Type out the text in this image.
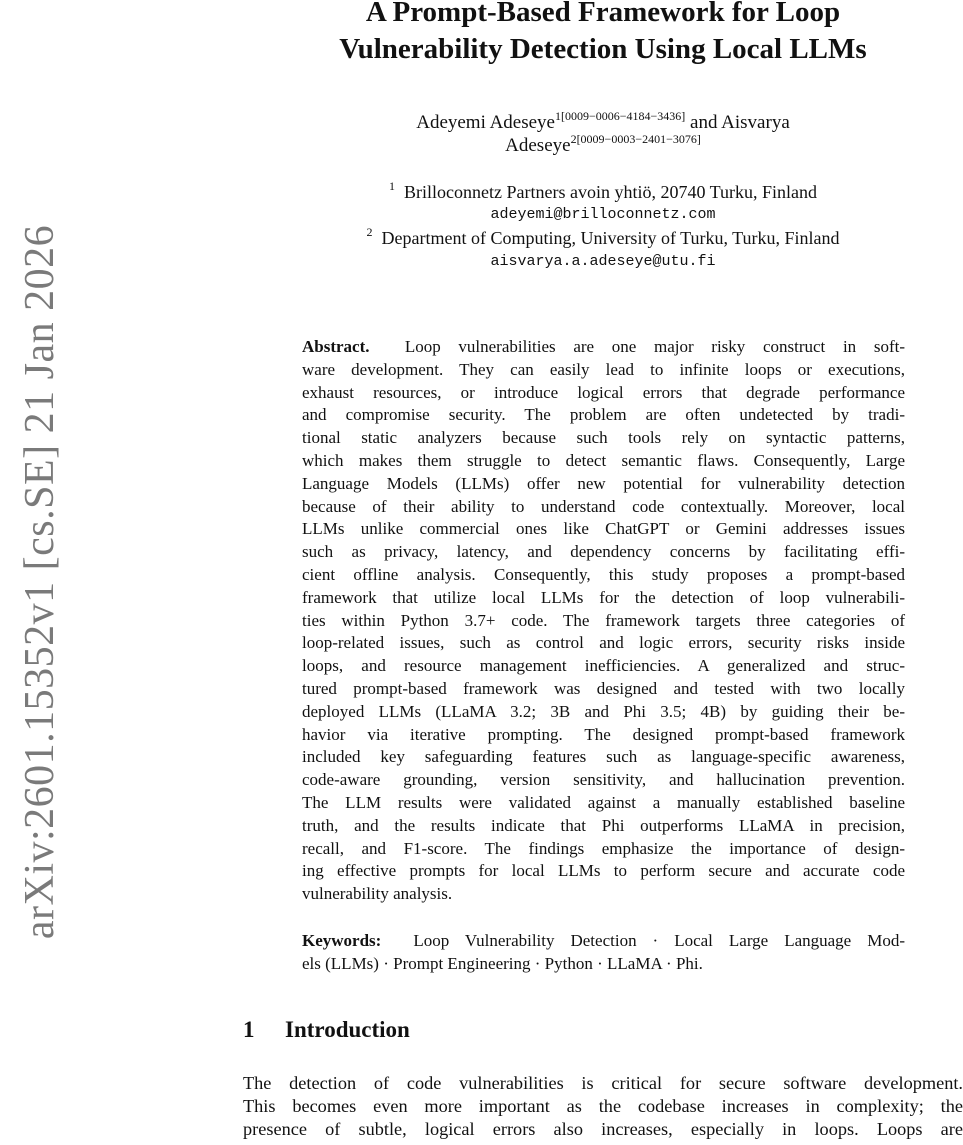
arXiv:2601.15352v1 [cs.SE] 21 Jan 2026
A Prompt-Based Framework for Loop
Vulnerability Detection Using Local LLMs
Adeyemi Adeseye$^{1[0009-0006-4184-3436]}$ and Aisvarya
Adeseye$^{2[0009-0003-2401-3076]}$
$^1$ Brilloconnetz Partners avoin yhtiö, 20740 Turku, Finland
adeyemi@brilloconnetz.com
$^2$ Department of Computing, University of Turku, Turku, Finland
aisvarya.a.adeseye@utu.fi
Abstract. Loop vulnerabilities are one major risky construct in soft-
ware development. They can easily lead to infinite loops or executions,
exhaust resources, or introduce logical errors that degrade performance
and compromise security. The problem are often undetected by tradi-
tional static analyzers because such tools rely on syntactic patterns,
which makes them struggle to detect semantic flaws. Consequently, Large
Language Models (LLMs) offer new potential for vulnerability detection
because of their ability to understand code contextually. Moreover, local
LLMs unlike commercial ones like ChatGPT or Gemini addresses issues
such as privacy, latency, and dependency concerns by facilitating effi-
cient offline analysis. Consequently, this study proposes a prompt-based
framework that utilize local LLMs for the detection of loop vulnerabili-
ties within Python 3.7+ code. The framework targets three categories of
loop-related issues, such as control and logic errors, security risks inside
loops, and resource management inefficiencies. A generalized and struc-
tured prompt-based framework was designed and tested with two locally
deployed LLMs (LLaMA 3.2; 3B and Phi 3.5; 4B) by guiding their be-
havior via iterative prompting. The designed prompt-based framework
included key safeguarding features such as language-specific awareness,
code-aware grounding, version sensitivity, and hallucination prevention.
The LLM results were validated against a manually established baseline
truth, and the results indicate that Phi outperforms LLaMA in precision,
recall, and F1-score. The findings emphasize the importance of design-
ing effective prompts for local LLMs to perform secure and accurate code
vulnerability analysis.
Keywords: Loop Vulnerability Detection · Local Large Language Mod-
els (LLMs) · Prompt Engineering · Python · LLaMA · Phi.
1 Introduction
The detection of code vulnerabilities is critical for secure software development.
This becomes even more important as the codebase increases in complexity; the
presence of subtle, logical errors also increases, especially in loops. Loops are
